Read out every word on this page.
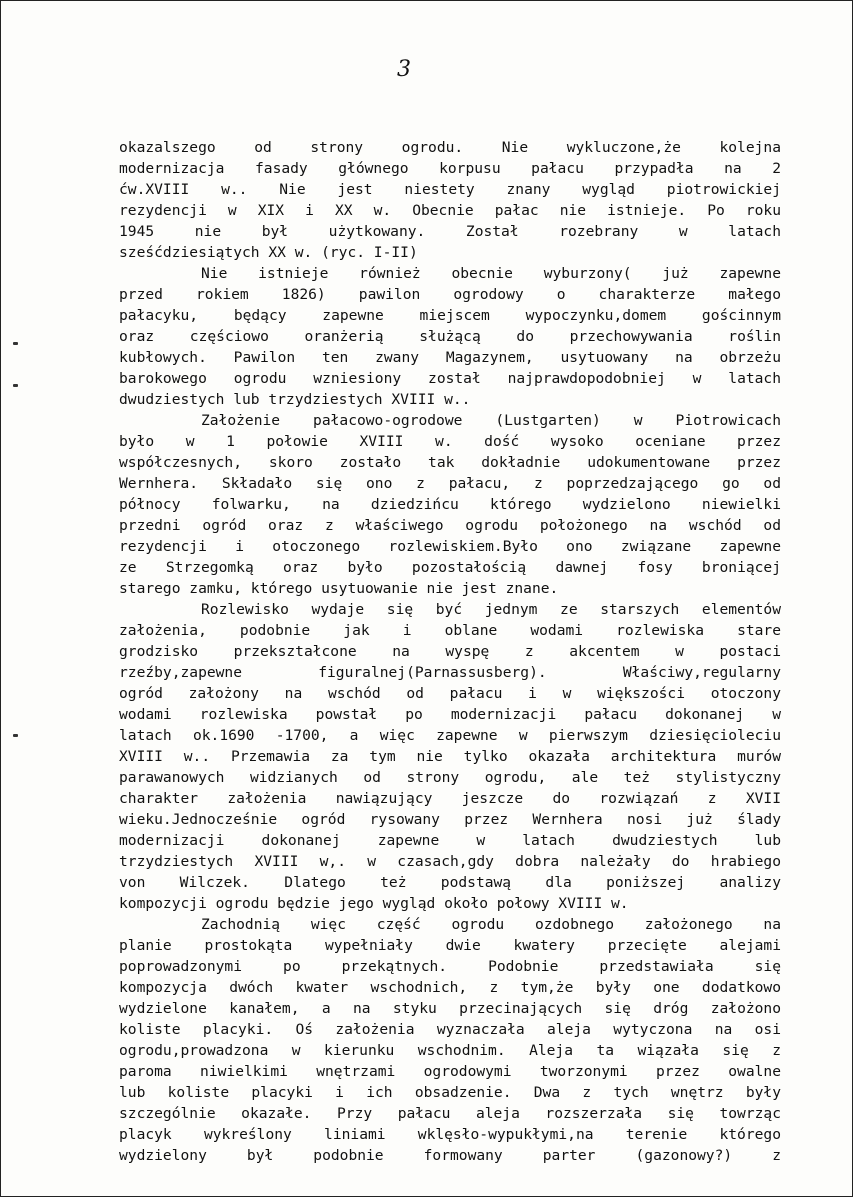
3
okazalszego od strony ogrodu. Nie wykluczone,że kolejna
modernizacja fasady głównego korpusu pałacu przypadła na 2
ćw.XVIII w.. Nie jest niestety znany wygląd piotrowickiej
rezydencji w XIX i XX w. Obecnie pałac nie istnieje. Po roku
1945 nie był użytkowany. Został rozebrany w latach
sześćdziesiątych XX w. (ryc. I-II)
Nie istnieje również obecnie wyburzony( już zapewne
przed rokiem 1826) pawilon ogrodowy o charakterze małego
pałacyku, będący zapewne miejscem wypoczynku,domem gościnnym
oraz częściowo oranżerią służącą do przechowywania roślin
kubłowych. Pawilon ten zwany Magazynem, usytuowany na obrzeżu
barokowego ogrodu wzniesiony został najprawdopodobniej w latach
dwudziestych lub trzydziestych XVIII w..
Założenie pałacowo-ogrodowe (Lustgarten) w Piotrowicach
było w 1 połowie XVIII w. dość wysoko oceniane przez
współczesnych, skoro zostało tak dokładnie udokumentowane przez
Wernhera. Składało się ono z pałacu, z poprzedzającego go od
północy folwarku, na dziedzińcu którego wydzielono niewielki
przedni ogród oraz z właściwego ogrodu położonego na wschód od
rezydencji i otoczonego rozlewiskiem.Było ono związane zapewne
ze Strzegomką oraz było pozostałością dawnej fosy broniącej
starego zamku, którego usytuowanie nie jest znane.
Rozlewisko wydaje się być jednym ze starszych elementów
założenia, podobnie jak i oblane wodami rozlewiska stare
grodzisko przekształcone na wyspę z akcentem w postaci
rzeźby,zapewne figuralnej(Parnassusberg). Właściwy,regularny
ogród założony na wschód od pałacu i w większości otoczony
wodami rozlewiska powstał po modernizacji pałacu dokonanej w
latach ok.1690 -1700, a więc zapewne w pierwszym dziesięcioleciu
XVIII w.. Przemawia za tym nie tylko okazała architektura murów
parawanowych widzianych od strony ogrodu, ale też stylistyczny
charakter założenia nawiązujący jeszcze do rozwiązań z XVII
wieku.Jednocześnie ogród rysowany przez Wernhera nosi już ślady
modernizacji dokonanej zapewne w latach dwudziestych lub
trzydziestych XVIII w,. w czasach,gdy dobra należały do hrabiego
von Wilczek. Dlatego też podstawą dla poniższej analizy
kompozycji ogrodu będzie jego wygląd około połowy XVIII w.
Zachodnią więc część ogrodu ozdobnego założonego na
planie prostokąta wypełniały dwie kwatery przecięte alejami
poprowadzonymi po przekątnych. Podobnie przedstawiała się
kompozycja dwóch kwater wschodnich, z tym,że były one dodatkowo
wydzielone kanałem, a na styku przecinających się dróg założono
koliste placyki. Oś założenia wyznaczała aleja wytyczona na osi
ogrodu,prowadzona w kierunku wschodnim. Aleja ta wiązała się z
paroma niwielkimi wnętrzami ogrodowymi tworzonymi przez owalne
lub koliste placyki i ich obsadzenie. Dwa z tych wnętrz były
szczególnie okazałe. Przy pałacu aleja rozszerzała się towrząc
placyk wykreślony liniami wklęsło-wypukłymi,na terenie którego
wydzielony był podobnie formowany parter (gazonowy?) z
